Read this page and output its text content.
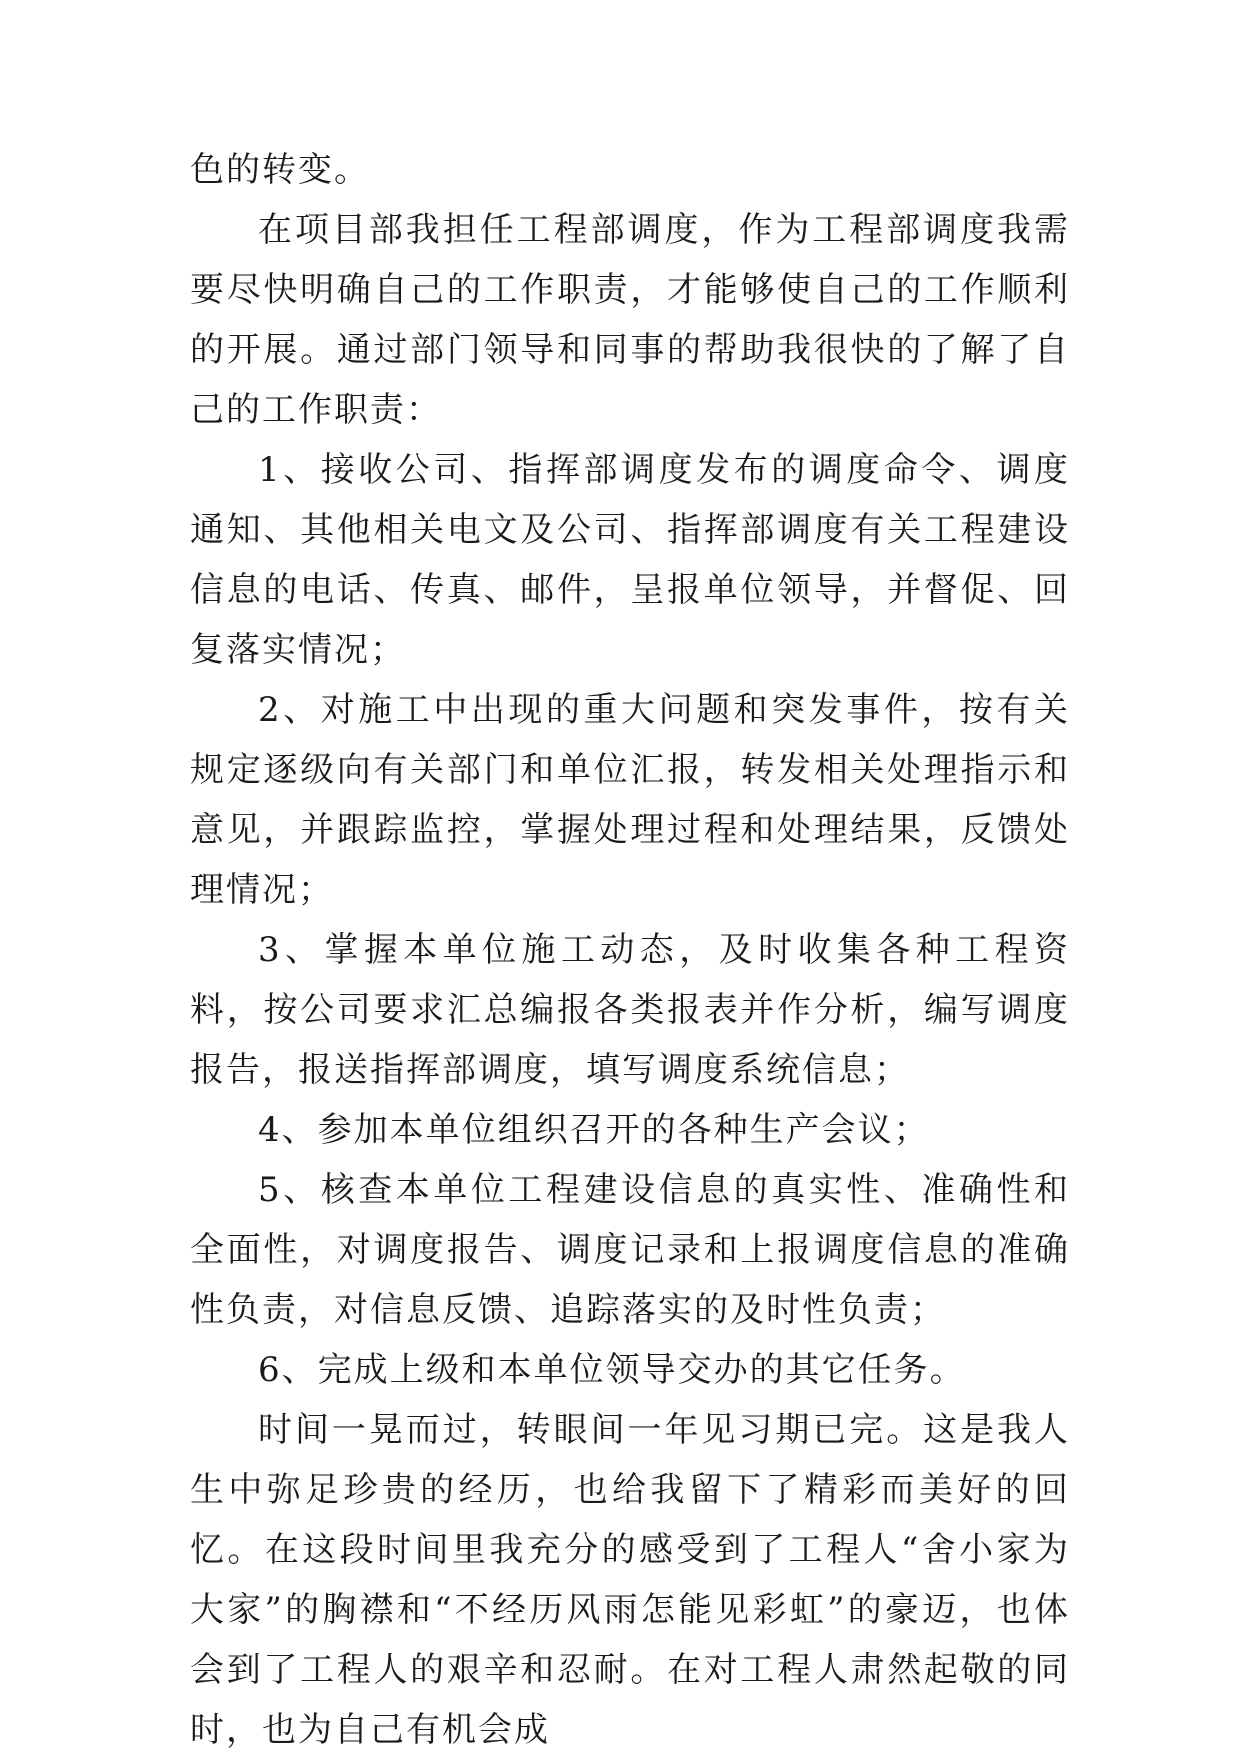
色的转变。

在项目部我担任工程部调度，作为工程部调度我需要尽快明确自己的工作职责，才能够使自己的工作顺利的开展。通过部门领导和同事的帮助我很快的了解了自己的工作职责：

1、接收公司、指挥部调度发布的调度命令、调度通知、其他相关电文及公司、指挥部调度有关工程建设信息的电话、传真、邮件，呈报单位领导，并督促、回复落实情况；

2、对施工中出现的重大问题和突发事件，按有关规定逐级向有关部门和单位汇报，转发相关处理指示和意见，并跟踪监控，掌握处理过程和处理结果，反馈处理情况；

3、掌握本单位施工动态，及时收集各种工程资料，按公司要求汇总编报各类报表并作分析，编写调度报告，报送指挥部调度，填写调度系统信息；

4、参加本单位组织召开的各种生产会议；

5、核查本单位工程建设信息的真实性、准确性和全面性，对调度报告、调度记录和上报调度信息的准确性负责，对信息反馈、追踪落实的及时性负责；

6、完成上级和本单位领导交办的其它任务。

时间一晃而过，转眼间一年见习期已完。这是我人生中弥足珍贵的经历，也给我留下了精彩而美好的回忆。在这段时间里我充分的感受到了工程人“舍小家为大家”的胸襟和“不经历风雨怎能见彩虹”的豪迈，也体会到了工程人的艰辛和忍耐。在对工程人肃然起敬的同时，也为自己有机会成
